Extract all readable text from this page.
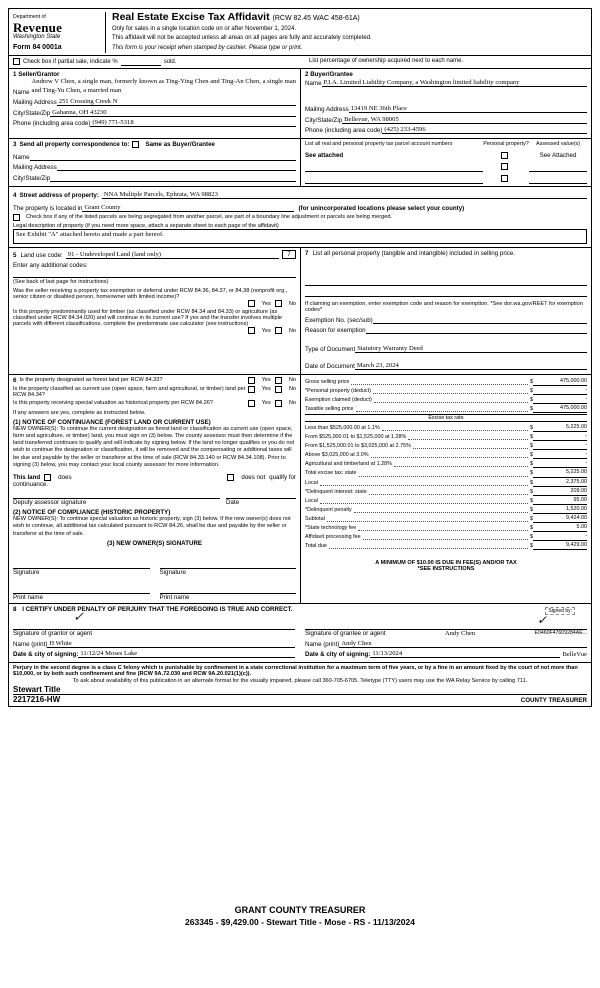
Department of
Revenue
Washington State
Form 84 0001a
Real Estate Excise Tax Affidavit (RCW 82.45 WAC 458-61A)
Only for sales in a single location code on or after November 1, 2024.
This affidavit will not be accepted unless all areas on all pages are fully and accurately completed.
This form is your receipt when stamped by cashier. Please type or print.
Check box if partial sale, indicate %	sold.	List percentage of ownership acquired next to each name.
1 Seller/Grantor
Name
Andrew V Chen, a single man, formerly known as Ting-Ying Chen and Ting-An Chen, a single man and Ting-Yu Chen, a married man
Mailing Address 251 Crossing Creek N
City/State/Zip Gahanna, OH 43230
Phone (including area code) (949) 771-5318
2 Buyer/Grantee
Name P.I.A. Limited Liability Company, a Washington limited liability company
Mailing Address 13419 NE 36th Place
City/State/Zip Bellevue, WA 98005
Phone (including area code) (425) 233-4596
3 Send all property correspondence to:	Same as Buyer/Grantee
Name
Mailing Address
City/State/Zip
List all real and personal property tax parcel account numbers	Personal property?	Assessed value(s)
See attached	See Attached
4 Street address of property: NNA Multiple Parcels, Ephrata, WA 98823
The property is located in Grant County	(for unincorporated locations please select your county)
Check box if any of the listed parcels are being segregated from another parcel, are part of a boundary line adjustment or parcels are being merged.
Legal description of property (if you need more space, attach a separate sheet to each page of the affidavit)
See Exhibit "A" attached hereto and made a part hereof.
5 Land use code: 91 - Undeveloped Land (land only)	7
Enter any additional codes:
(See back of last page for instructions)
Was the seller receiving a property tax exemption or deferral under RCW 84.36, 84.37, or 84.38 (nonprofit org., senior citizen or disabled person, homeowner with limited income)?
Yes	No
Is this property predominantly used for timber (as classified under RCW 84.34 and 84.33) or agriculture (as classified under RCW 84.34.020) and will continue in its current use? If yes and the transfer involves multiple parcels with different classifications, complete the predominate use calculator (see instructions)
Yes	No
7 List all personal property (tangible and intangible) included in selling price.
If claiming an exemption, enter exemption code and reason for exemption. *See dor.wa.gov/REET for exemption codes*
Exemption No. (sec/sub)
Reason for exemption
Type of Document Statutory Warranty Deed
Date of Document March 23, 2024
6 Is the property designated as forest land per RCW 84.33?	Yes	No
Is the property classified as current use (open space, farm and agricultural, or timber) land per RCW 84.34?
Yes	No
Is this property receiving special valuation as historical property per RCW 84.26?	Yes	No
If any answers are yes, complete as instructed below.
(1) NOTICE OF CONTINUANCE (FOREST LAND OR CURRENT USE)
NEW OWNER(S): To continue the current designation as forest land or classification as current use (open space, farm and agriculture, or timber) land, you must sign on (3) below. The county assessor must then determine if the land transferred continues to qualify and will indicate by signing below. If the land no longer qualifies or you do not wish to continue the designation or classification, it will be removed and the compensating or additional taxes will be due and payable by the seller or transferor at the time of sale (RCW 84.33.140 or RCW 84.34.108). Prior to signing (3) below, you may contact your local county assessor for more information.
This land	does	does not qualify for
continuance.
Deputy assessor signature	Date
(2) NOTICE OF COMPLIANCE (HISTORIC PROPERTY)
NEW OWNER(S): To continue special valuation as historic property, sign (3) below. If the new owner(s) does not wish to continue, all additional tax calculated pursuant to RCW 84.26, shall be due and payable by the seller or transferor at the time of sale.
(3) NEW OWNER(S) SIGNATURE
Signature	Signature
Print name	Print name
Gross selling price	$	475,000.00
*Personal property (deduct)	$	-
Exemption claimed (deduct)	$	-
Taxable selling price	$	475,000.00
Excise tax rate
Less than $525,000.00 at 1.1%	$	5,225.00
From $525,000.01 to $1,525,000 at 1.28%	$	-
From $1,525,000.01 to $3,025,000 at 2.75%	$	-
Above $3,025,000 at 3.0%	$	-
Agricultural and timberland at 1.28%	$	-
Total excise tax: state	$	5,225.00
Local	$	2,375.00
*Delinquent interest: state	$	209.00
Local	$	95.00
*Delinquent penalty	$	1,520.00
Subtotal	$	9,424.00
*State technology fee	$	5.00
Affidavit processing fee	$	-
Total due	$	9,429.00
A MINIMUM OF $10.00 IS DUE IN FEE(S) AND/OR TAX
*SEE INSTRUCTIONS
8 I CERTIFY UNDER PENALTY OF PERJURY THAT THE FOREGOING IS TRUE AND CORRECT.
✓
Signature of grantor or agent
Name (print) H White
Date & city of signing: 11/12/24 Moses Lake
Signed by:
✓
Signature of grantee or agent	Andy Chen	E0460F47609284AE...
Name (print) Andy Chen
Date & city of signing: 11/13/2024	BelleVue
Perjury in the second degree is a class C felony which is punishable by confinement in a state correctional institution for a maximum term of five years, or by a fine in an amount fixed by the court of not more than $10,000, or by both such confinement and fine (RCW 9A.72.030 and RCW 9A.20.021(1)(c)).
To ask about availability of this publication in an alternate format for the visually impaired, please call 360-705-6705. Teletype (TTY) users may use the WA Relay Service by calling 711.
Stewart Title
2217216-HW	COUNTY TREASURER
GRANT COUNTY TREASURER
263345 - $9,429.00 - Stewart Title - Mose - RS - 11/13/2024
